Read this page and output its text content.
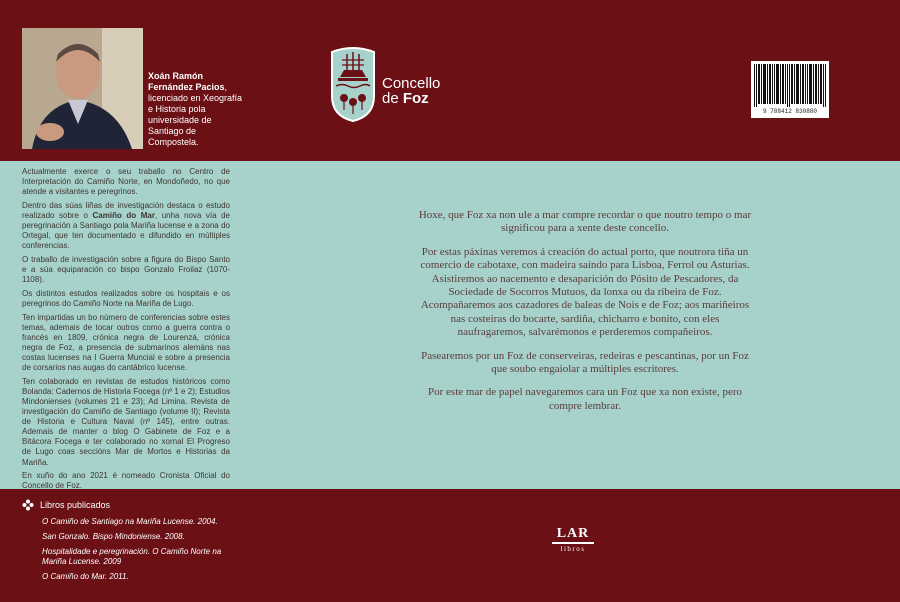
Xoán Ramón Fernández Pacios, licenciado en Xeografía e Historia pola universidade de Santiago de Compostela.

Actualmente exerce o seu traballo no Centro de Interpretación do Camiño Norte, en Mondoñedo, no que atende a visitantes e peregrinos.

Dentro das súas liñas de investigación destaca o estudo realizado sobre o Camiño do Mar, unha nova vía de peregrinación a Santiago pola Mariña lucense e a zona do Ortegal, que ten documentado e difundido en múltiples conferencias.

O traballo de investigación sobre a figura do Bispo Santo e a súa equiparación co bispo Gonzalo Froilaz (1070-1108).

Os distintos estudos realizados sobre os hospitais e os peregrinos do Camiño Norte na Mariña de Lugo.

Ten impartidas un bo número de conferencias sobre estes temas, ademais de tocar outros como a guerra contra o francés en 1809, crónica negra de Lourenzá, crónica negra de Foz, a presencia de submarinos alemáns nas costas lucenses na I Guerra Muncial e sobre a presencia de corsarios nas augas do cantábrico lucense.

Ten colaborado en revistas de estudos históricos como Bolanda: Cadernos de Historia Focega (nº 1 e 2); Estudios Mindonienses (volumes 21 e 23); Ad Limina. Revista de investigación do Camiño de Santiago (volume II); Revista de Historia e Cultura Naval (nº 145), entre outras. Ademais de manter o blog O Gabinete de Foz e a Bitácora Focega e ter colaborado no xornal El Progreso de Lugo coas seccións Mar de Mortos e Historias da Mariña.

En xuño do ano 2021 é nomeado Cronista Oficial do Concello de Foz.

Concello
de Foz
9 788412 830880

Hoxe, que Foz xa non ule a mar compre recordar o que noutro tempo o mar significou para a xente deste concello.

Por estas páxinas veremos á creación do actual porto, que noutrora tiña un comercio de cabotaxe, con madeira saíndo para Lisboa, Ferrol ou Asturias. Asistiremos ao nacemento e desaparición do Pósito de Pescadores, da Sociedade de Socorros Mutuos, da lonxa ou da ribeira de Foz. Acompañaremos aos cazadores de baleas de Nois e de Foz; aos mariñeiros nas costeiras do bocarte, sardiña, chicharro e bonito, con eles naufragaremos, salvarémonos e perderemos compañeiros.

Pasearemos por un Foz de conserveiras, redeiras e pescantinas, por un Foz que soubo engaiolar a múltiples escritores.

Por este mar de papel navegaremos cara un Foz que xa non existe, pero compre lembrar.

Libros publicados
O Camiño de Santiago na Mariña Lucense. 2004.
San Gonzalo. Bispo Mindoniense. 2008.
Hospitalidade e peregrinación. O Camiño Norte na Mariña Lucense. 2009
O Camiño do Mar. 2011.
LAR
libros
